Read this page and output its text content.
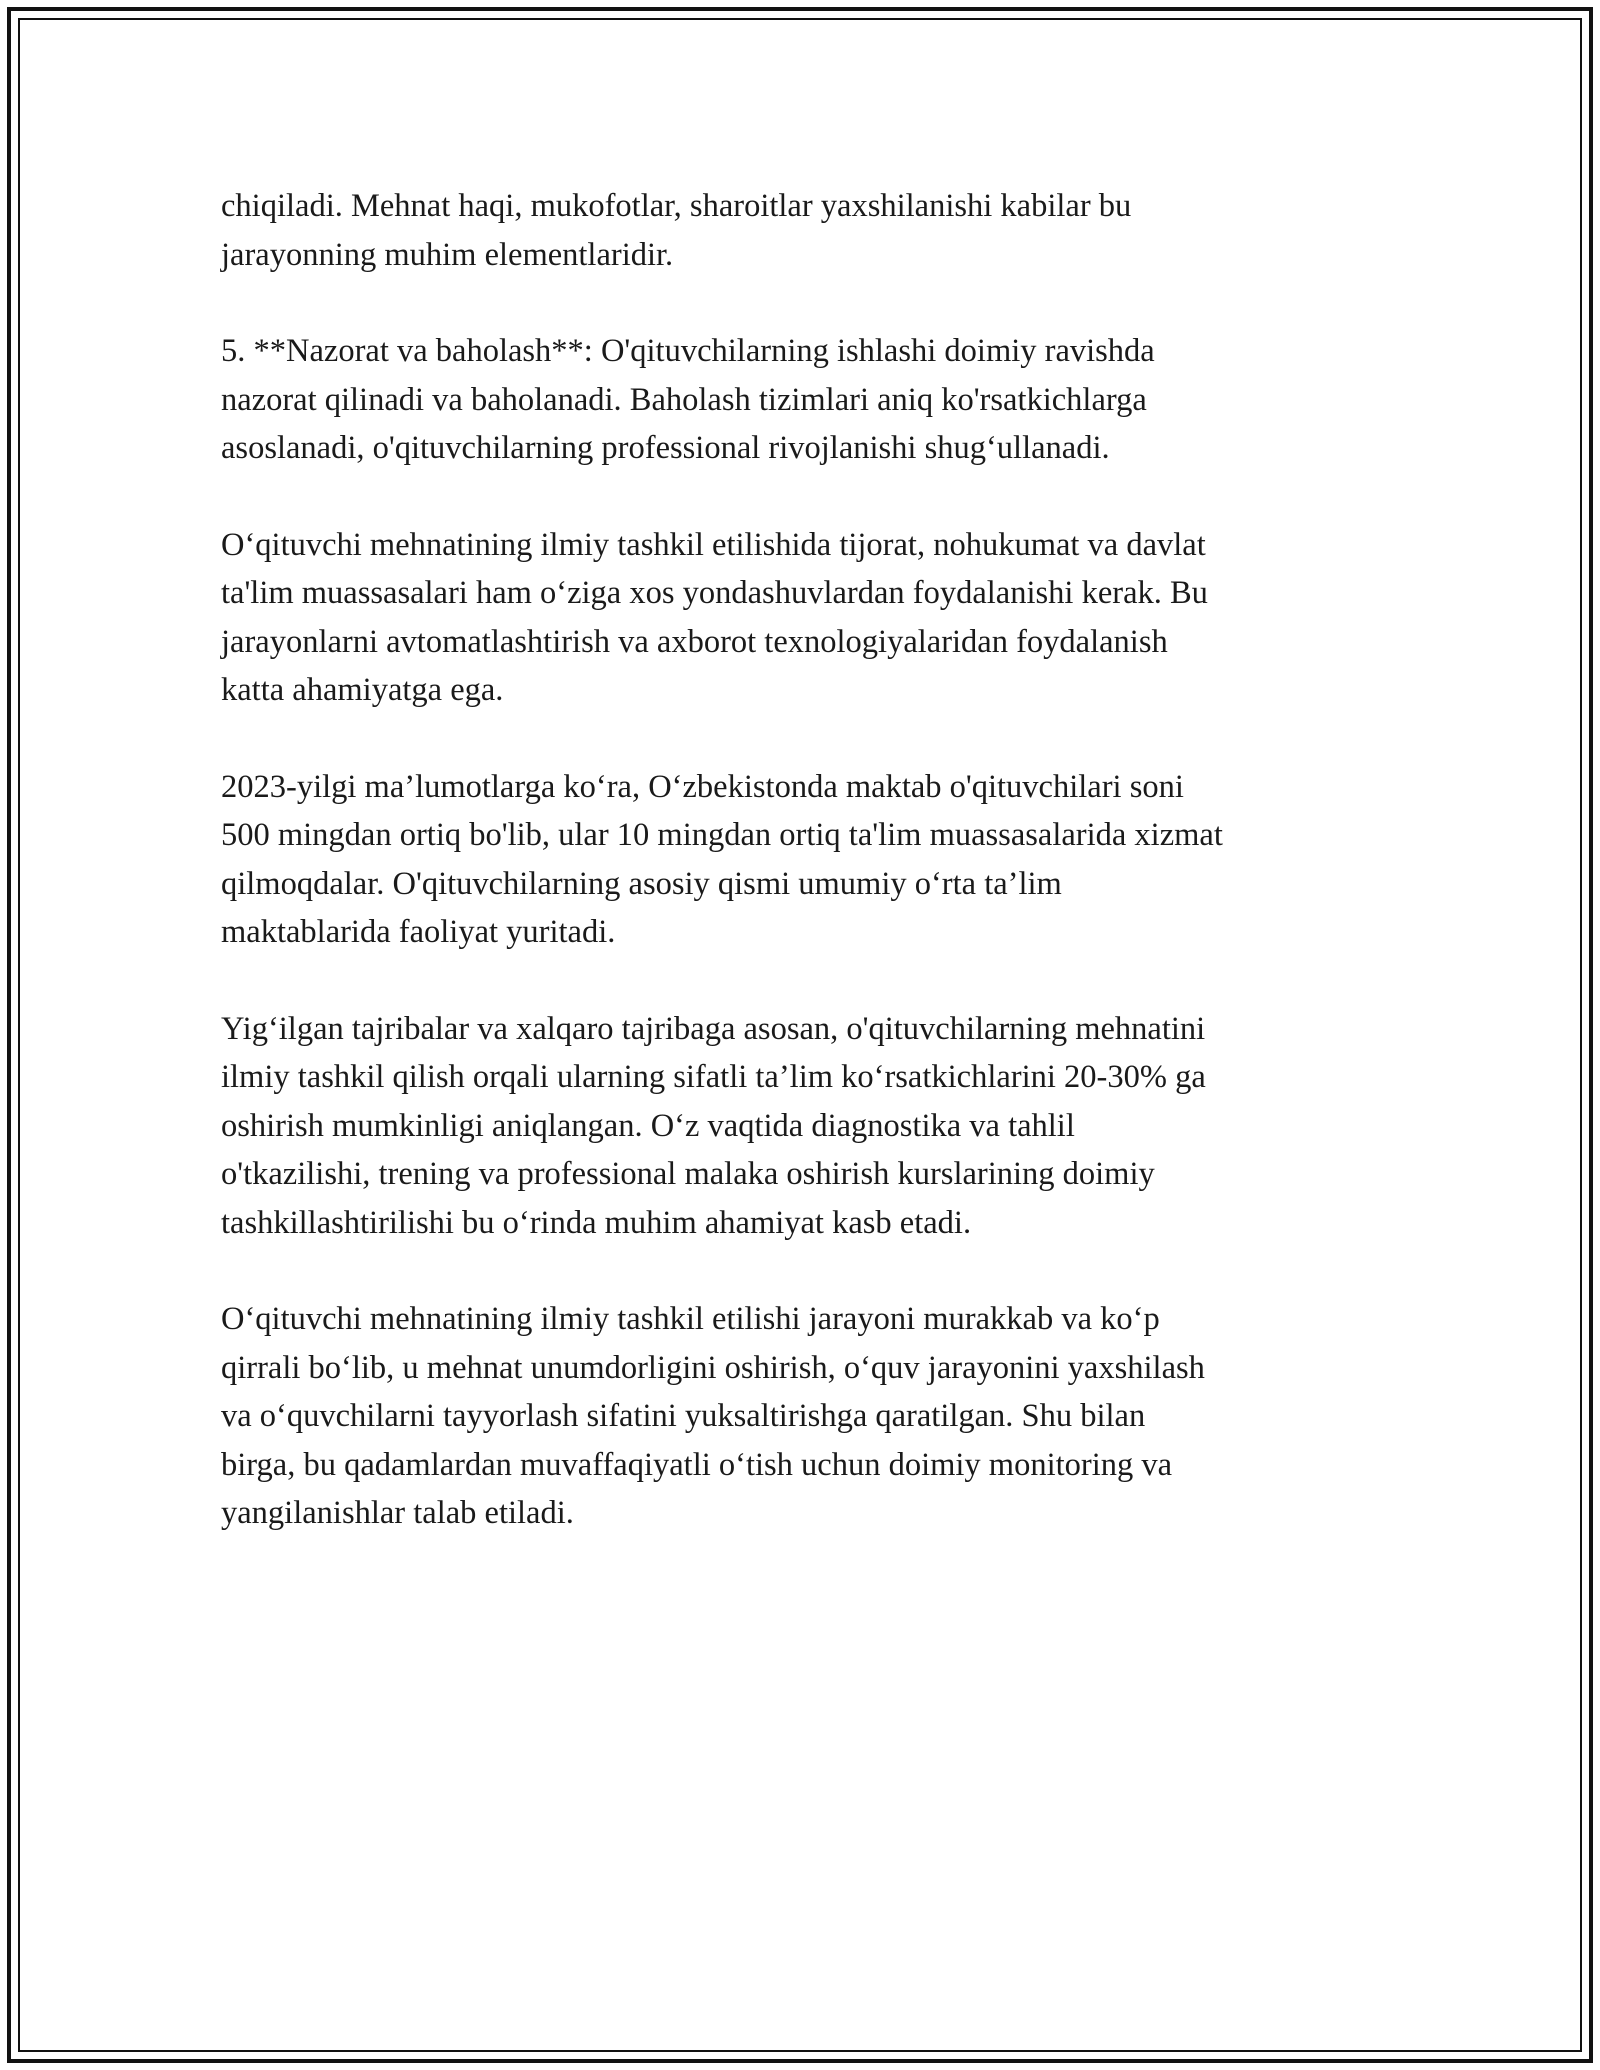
chiqiladi. Mehnat haqi, mukofotlar, sharoitlar yaxshilanishi kabilar bu
jarayonning muhim elementlaridir.

5. **Nazorat va baholash**: O'qituvchilarning ishlashi doimiy ravishda
nazorat qilinadi va baholanadi. Baholash tizimlari aniq ko'rsatkichlarga
asoslanadi, o'qituvchilarning professional rivojlanishi shug‘ullanadi.

O‘qituvchi mehnatining ilmiy tashkil etilishida tijorat, nohukumat va davlat
ta'lim muassasalari ham o‘ziga xos yondashuvlardan foydalanishi kerak. Bu
jarayonlarni avtomatlashtirish va axborot texnologiyalaridan foydalanish
katta ahamiyatga ega.

2023-yilgi ma’lumotlarga ko‘ra, O‘zbekistonda maktab o'qituvchilari soni
500 mingdan ortiq bo'lib, ular 10 mingdan ortiq ta'lim muassasalarida xizmat
qilmoqdalar. O'qituvchilarning asosiy qismi umumiy o‘rta ta’lim
maktablarida faoliyat yuritadi.

Yig‘ilgan tajribalar va xalqaro tajribaga asosan, o'qituvchilarning mehnatini
ilmiy tashkil qilish orqali ularning sifatli ta’lim ko‘rsatkichlarini 20-30% ga
oshirish mumkinligi aniqlangan. O‘z vaqtida diagnostika va tahlil
o'tkazilishi, trening va professional malaka oshirish kurslarining doimiy
tashkillashtirilishi bu o‘rinda muhim ahamiyat kasb etadi.

O‘qituvchi mehnatining ilmiy tashkil etilishi jarayoni murakkab va ko‘p
qirrali bo‘lib, u mehnat unumdorligini oshirish, o‘quv jarayonini yaxshilash
va o‘quvchilarni tayyorlash sifatini yuksaltirishga qaratilgan. Shu bilan
birga, bu qadamlardan muvaffaqiyatli o‘tish uchun doimiy monitoring va
yangilanishlar talab etiladi.
